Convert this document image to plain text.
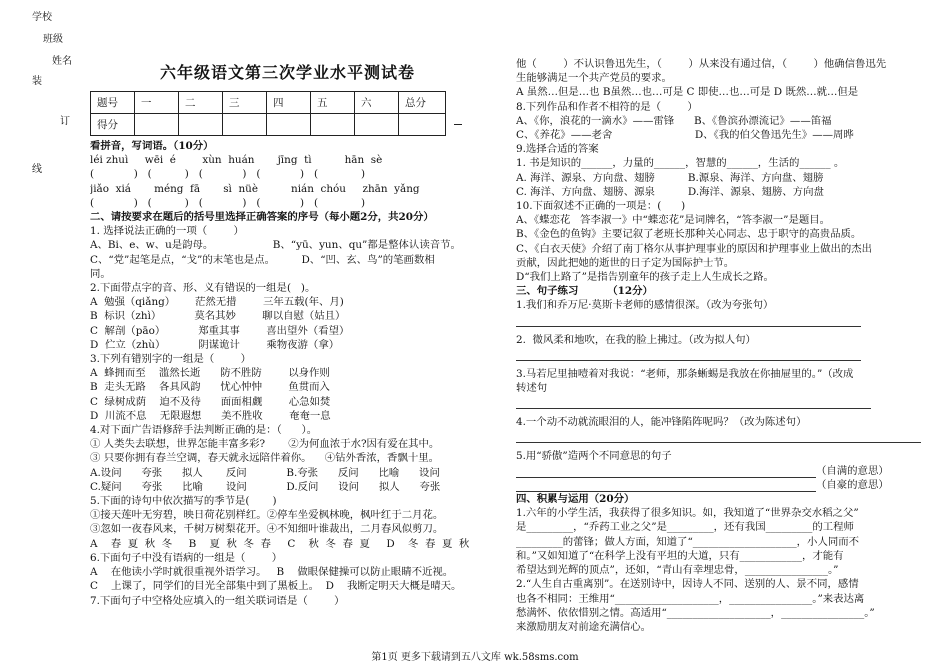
学校
班级
姓名
装
订
线
六年级语文第三次学业水平测试卷
题号	一	二	三	四	五	六	总分
得分							
看拼音，写词语。（10分）
léi zhuì     wēi  é        xùn  huán       jīng  tì          hān  sè
(            )   (          )   (            )   (            )   (             )
jiǎo  xiá       méng  fā       sì  nüè          nián  chóu     zhān  yǎng
(            )   (          )   (            )   (            )   (             )
二、请按要求在题后的括号里选择正确答案的序号（每小题2分，共20分）
1. 选择说法正确的一项（        ）
A、Bi、e、w、u是韵母。                  B、“yū、yun、qu”都是整体认读音节。
C、“党”起笔是点，“戈”的末笔也是点。        D、“凹、玄、鸟”的笔画数相
同。
2.下面带点字的音、形、义有错误的一组是(   )。
A  勉强（qiǎng）      茫然无措        三年五载(年、月)
B  标识（zhì）          莫名其妙        聊以自慰（姑且）
C  解剖（pāo）          郑重其事        喜出望外（看望）
D  伫立（zhù）          阴谋诡计        乘物夜游（拿）
3.下列有错别字的一组是（        ）
A  蜂拥而至    滥然长逝      防不胜防        以身作则
B  走头无路    各具风韵      忧心忡忡        鱼贯而入
C  绿树成荫    迫不及待      面面相觑        心急如焚
D  川流不息    无限遐想      美不胜收        奄奄一息
4.对下面广告语修辞手法判断正确的是：（      ）。
① 人类失去联想，世界怎能丰富多彩?       ②为何血浓于水?因有爱在其中。
③ 只要你拥有春兰空调，春天就永远陪伴着你。    ④钻外香浓，香飘十里。
A.设问      夸张      拟人       反问            B.夸张      反问      比喻      设问
C.疑问      夸张      比喻       设问            D.反问      设问      拟人      夸张
5.下面的诗句中依次描写的季节是(       )
①接天莲叶无穷碧，映日荷花别样红。②停车坐爱枫林晚，枫叶红于二月花。
③忽如一夜春风来，千树万树梨花开。④不知细叶谁裁出，二月春风似剪刀。
A    春  夏  秋  冬     B    夏  秋  冬  春     C    秋  冬  春  夏     D    冬  春  夏  秋
6.下面句子中没有语病的一组是（        ）
A    在他读小学时就很重视外语学习。   B    做眼保健操可以防止眼睛不近视。
C    上课了，同学们的目光全部集中到了黑板上。  D    我断定明天大概是晴天。
7.下面句子中空格处应填入的一组关联词语是（        ）
他（        ）不认识鲁迅先生，（        ）从来没有通过信，（        ）他确信鲁迅先
生能够满足一个共产党员的要求。
A 虽然…但是…也 B虽然…也…可是 C 即使…也…可是 D 既然…就…但是
8.下列作品和作者不相符的是（        ）
A、《你，浪花的一滴水》——雷锋      B、《鲁滨孙漂流记》——笛福
C、《养花》——老舍                         D、《我的伯父鲁迅先生》——周晔
9.选择合适的答案
1. 书是知识的______，力量的______，智慧的______，生活的______ 。
A. 海洋、源泉、方向盘、翅膀          B.源泉、海洋、方向盘、翅膀
C. 海洋、方向盘、翅膀、源泉          D.海洋、源泉、翅膀、方向盘
10.下面叙述不正确的一项是：(      )
A、《蝶恋花   答李淑一》中“蝶恋花”是词牌名，“答李淑一”是题目。
B、《金色的鱼钩》主要记叙了老班长那种关心同志、忠于职守的高贵品质。
C、《白衣天使》介绍了南丁格尔从事护理事业的原因和护理事业上做出的杰出
贡献，因此把她的逝世的日子定为国际护士节。
D“我们上路了”是指告别童年的孩子走上人生成长之路。
三、句子练习        （12分）
1.我们和乔万尼·莫斯卡老师的感情很深。（改为夸张句）
2.  微风柔和地吹，在我的脸上拂过。（改为拟人句）
3.马若尼里抽噎着对我说：“老师，那条蜥蜴是我放在你抽屉里的。”（改成
转述句
4.一个动不动就流眼泪的人，能冲锋陷阵呢吗？（改为陈述句）
5.用“骄傲”造两个不同意思的句子
（自满的意思）
（自豪的意思）
四、积累与运用（20分）
1.六年的小学生活，我获得了很多知识。如，我知道了“世界杂交水稻之父”
是_________，“乔药工业之父”是_________，还有我国_________的工程师
_________的蕾锋；做人方面，知道了“____________________，小人同而不
和。”又如知道了“在科学上没有平坦的大道，只有____________，才能有
希望达到光辉的顶点”，还如，“青山有幸埋忠骨，________________。”
2.“人生自古重离别”。在送别诗中，因诗人不同、送别的人、景不同，感情
也各不相同：王维用“____________________，________________。”来表达离
愁满怀、依依惜别之情。高适用“____________________，________________。”
来激励朋友对前途充满信心。
第1页 更多下载请到五八文库 wk.58sms.com
